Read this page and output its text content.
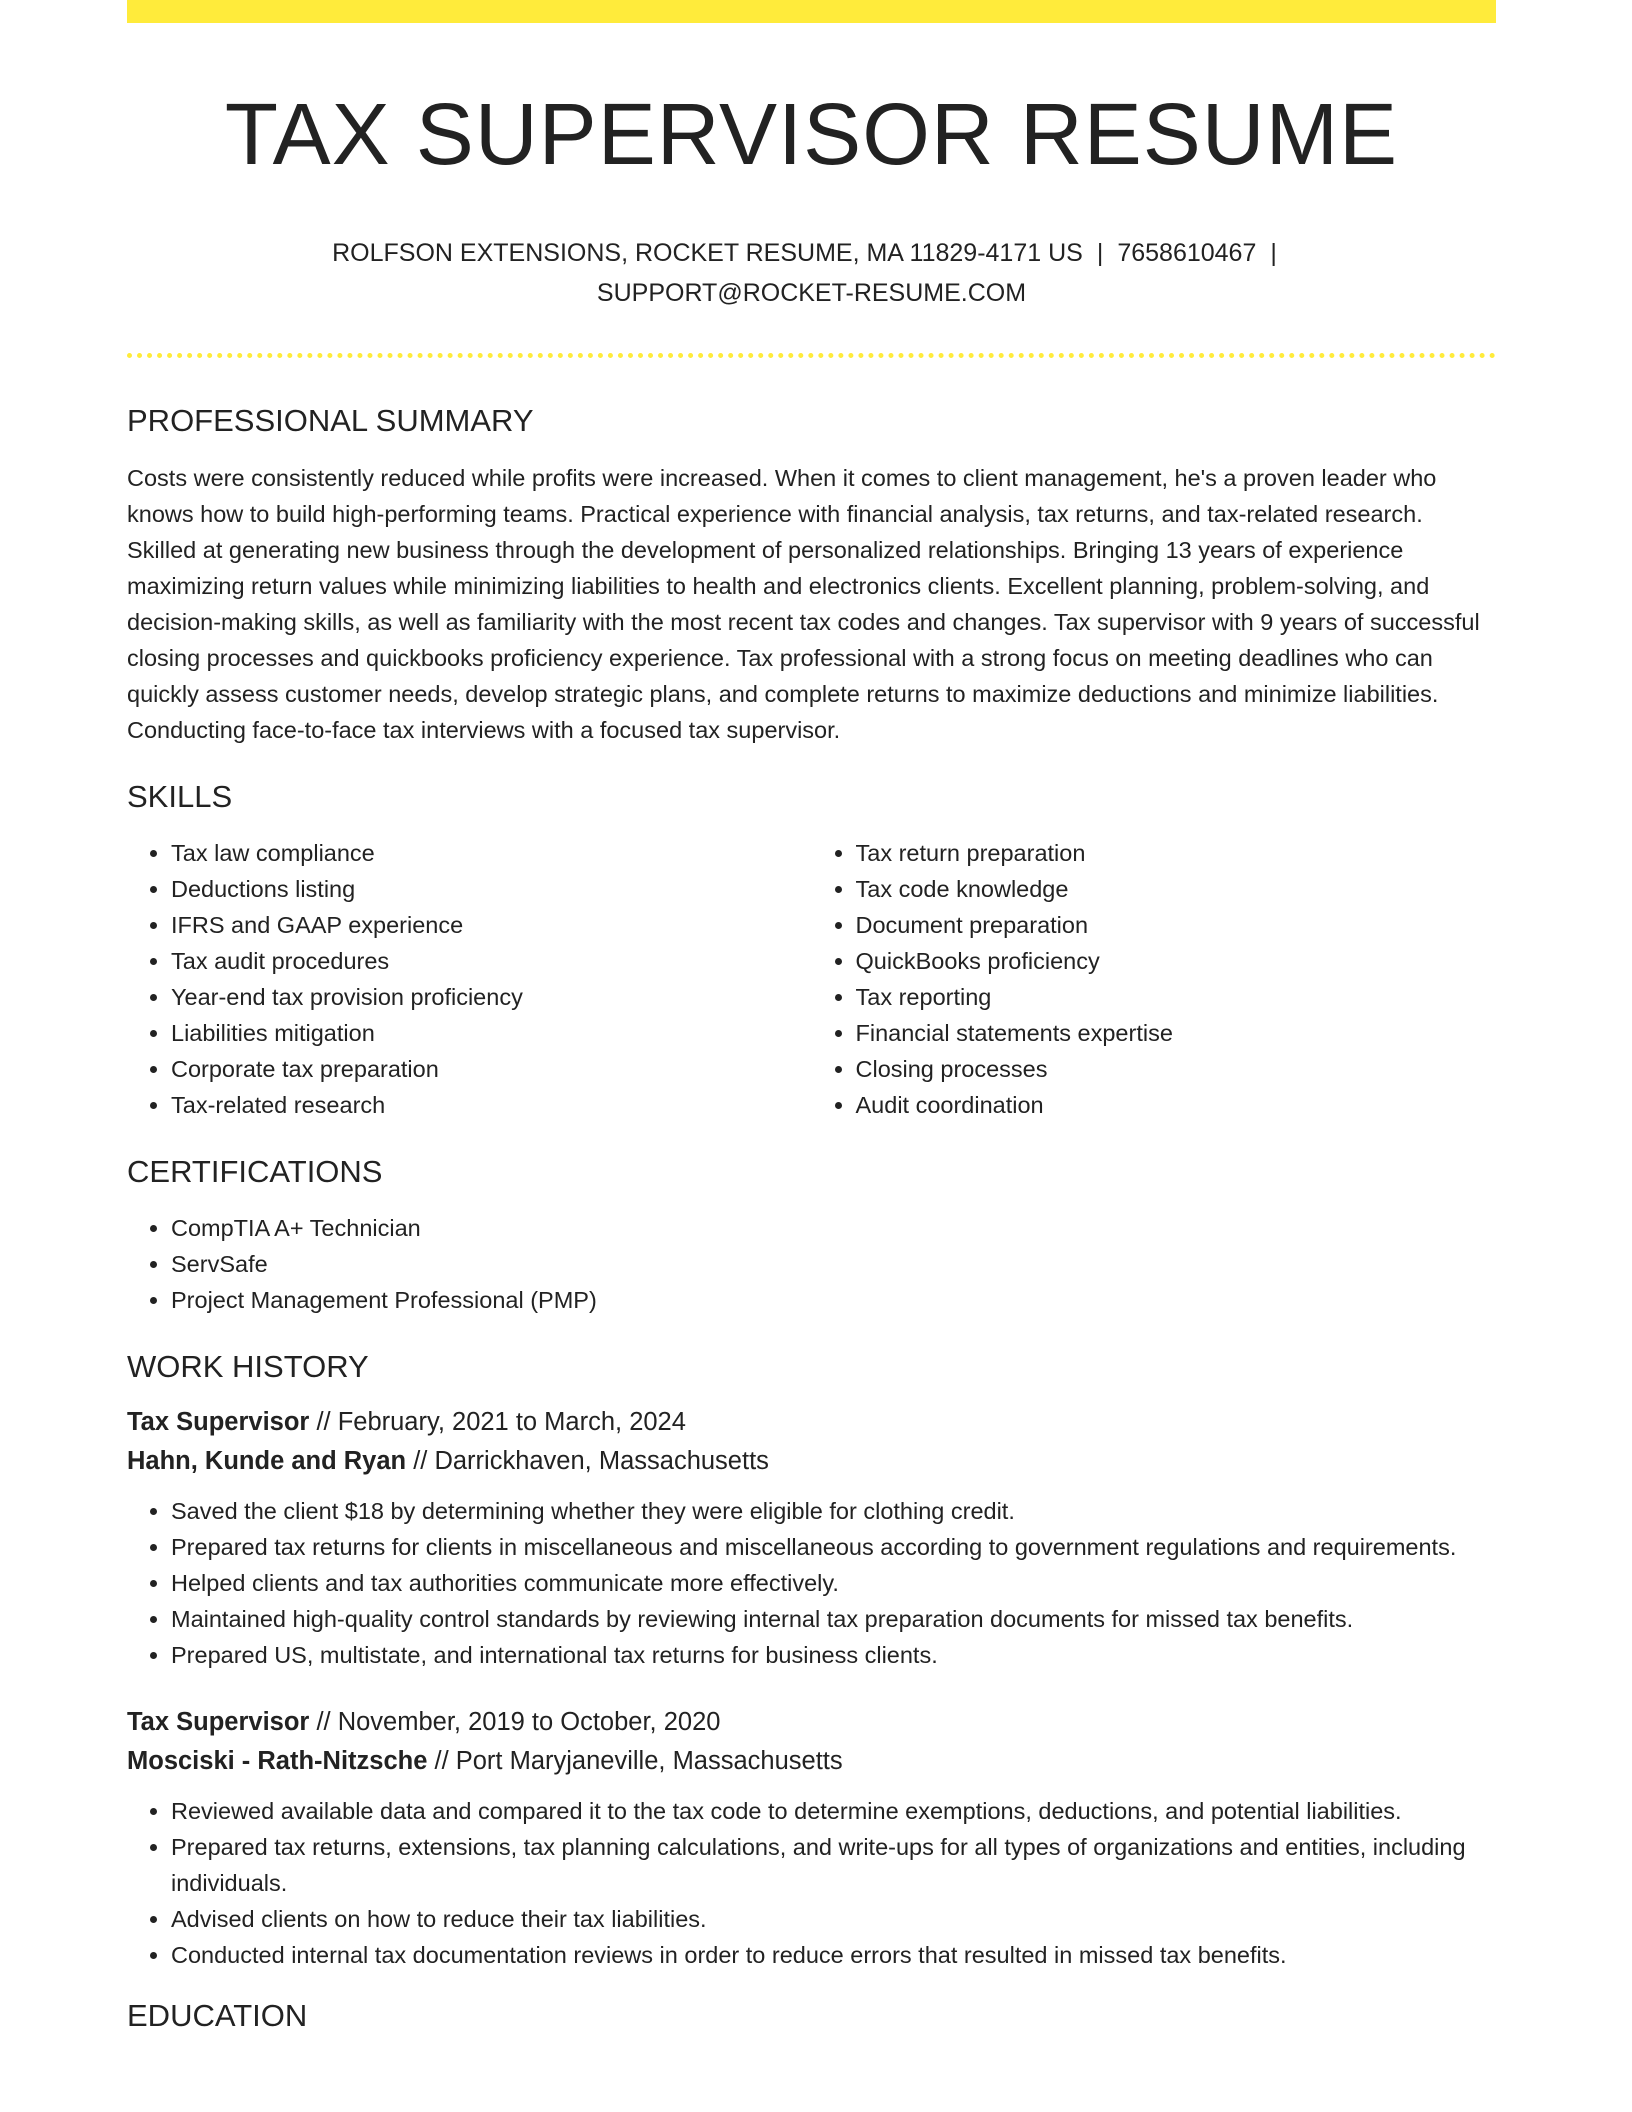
TAX SUPERVISOR RESUME
ROLFSON EXTENSIONS, ROCKET RESUME, MA 11829-4171 US | 7658610467 |
SUPPORT@ROCKET-RESUME.COM
PROFESSIONAL SUMMARY

Costs were consistently reduced while profits were increased. When it comes to client management, he's a proven leader who knows how to build high-performing teams. Practical experience with financial analysis, tax returns, and tax-related research. Skilled at generating new business through the development of personalized relationships. Bringing 13 years of experience maximizing return values while minimizing liabilities to health and electronics clients. Excellent planning, problem-solving, and decision-making skills, as well as familiarity with the most recent tax codes and changes. Tax supervisor with 9 years of successful closing processes and quickbooks proficiency experience. Tax professional with a strong focus on meeting deadlines who can quickly assess customer needs, develop strategic plans, and complete returns to maximize deductions and minimize liabilities. Conducting face-to-face tax interviews with a focused tax supervisor.

SKILLS
• Tax law compliance
• Deductions listing
• IFRS and GAAP experience
• Tax audit procedures
• Year-end tax provision proficiency
• Liabilities mitigation
• Corporate tax preparation
• Tax-related research
• Tax return preparation
• Tax code knowledge
• Document preparation
• QuickBooks proficiency
• Tax reporting
• Financial statements expertise
• Closing processes
• Audit coordination
CERTIFICATIONS
• CompTIA A+ Technician
• ServSafe
• Project Management Professional (PMP)
WORK HISTORY
Tax Supervisor // February, 2021 to March, 2024
Hahn, Kunde and Ryan // Darrickhaven, Massachusetts
• Saved the client $18 by determining whether they were eligible for clothing credit.
• Prepared tax returns for clients in miscellaneous and miscellaneous according to government regulations and requirements.
• Helped clients and tax authorities communicate more effectively.
• Maintained high-quality control standards by reviewing internal tax preparation documents for missed tax benefits.
• Prepared US, multistate, and international tax returns for business clients.
Tax Supervisor // November, 2019 to October, 2020
Mosciski - Rath-Nitzsche // Port Maryjaneville, Massachusetts
• Reviewed available data and compared it to the tax code to determine exemptions, deductions, and potential liabilities.
• Prepared tax returns, extensions, tax planning calculations, and write-ups for all types of organizations and entities, including individuals.
• Advised clients on how to reduce their tax liabilities.
• Conducted internal tax documentation reviews in order to reduce errors that resulted in missed tax benefits.
EDUCATION
